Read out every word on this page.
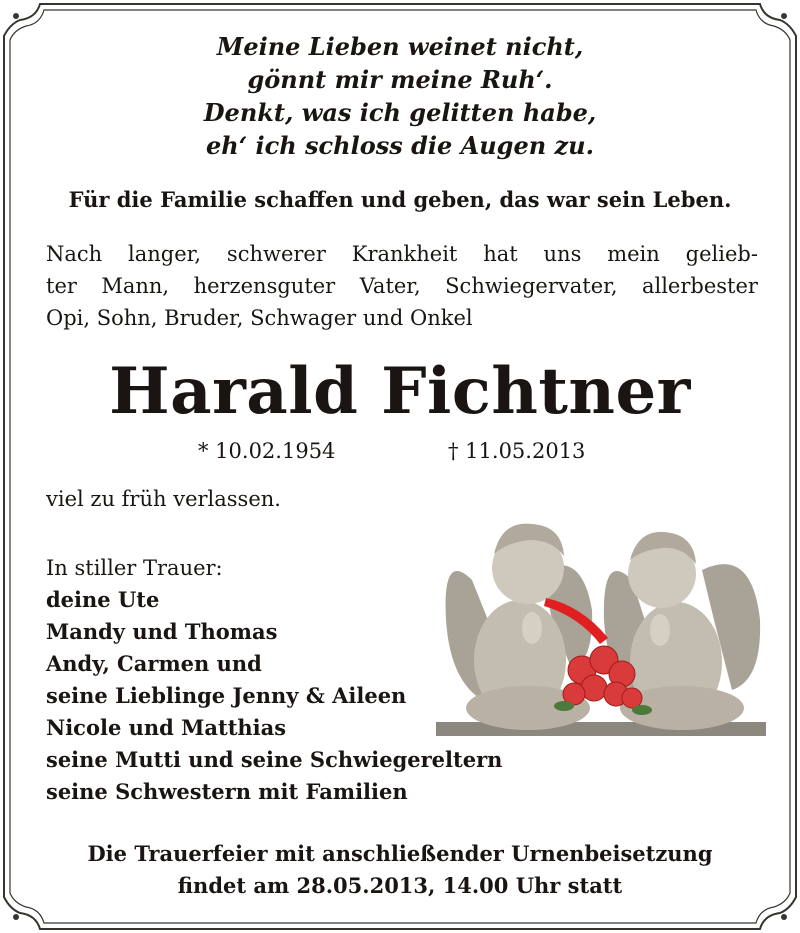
Meine Lieben weinet nicht,
gönnt mir meine Ruh‘.
Denkt, was ich gelitten habe,
eh‘ ich schloss die Augen zu.
Für die Familie schaffen und geben, das war sein Leben.
Nach langer, schwerer Krankheit hat uns mein gelieb-
ter Mann, herzensguter Vater, Schwiegervater, allerbester
Opi, Sohn, Bruder, Schwager und Onkel
Harald Fichtner
* 10.02.1954	† 11.05.2013
viel zu früh verlassen.
In stiller Trauer:
deine Ute
Mandy und Thomas
Andy, Carmen und
seine Lieblinge Jenny & Aileen
Nicole und Matthias
seine Mutti und seine Schwiegereltern
seine Schwestern mit Familien
Die Trauerfeier mit anschließender Urnenbeisetzung
findet am 28.05.2013, 14.00 Uhr statt
